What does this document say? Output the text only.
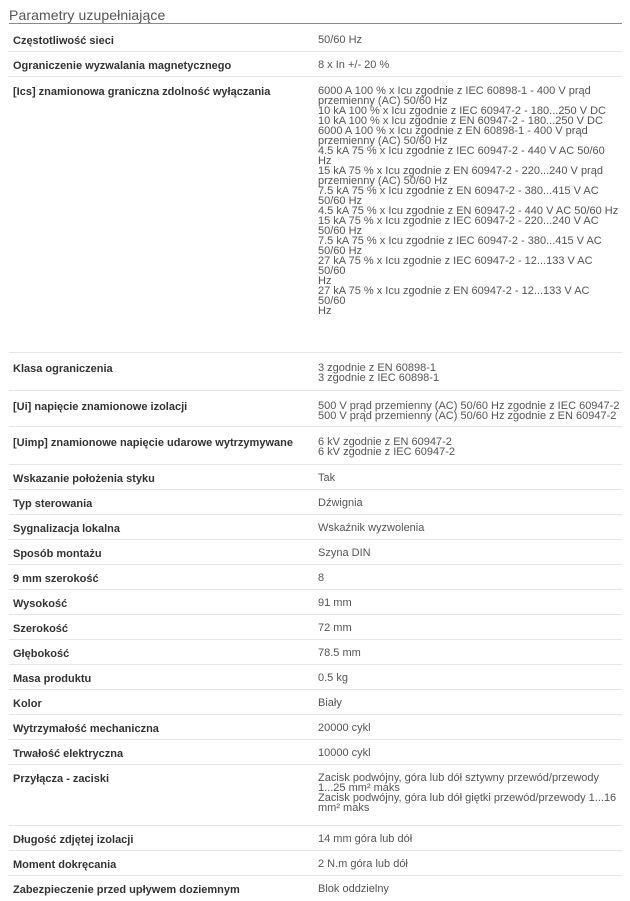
Parametry uzupełniające
Częstotliwość sieci	50/60 Hz
Ograniczenie wyzwalania magnetycznego	8 x In +/- 20 %
[Ics] znamionowa graniczna zdolność wyłączania	6000 A 100 % x Icu zgodnie z IEC 60898-1 - 400 V prąd
przemienny (AC) 50/60 Hz
10 kA 100 % x Icu zgodnie z IEC 60947-2 - 180...250 V DC
10 kA 100 % x Icu zgodnie z EN 60947-2 - 180...250 V DC
6000 A 100 % x Icu zgodnie z EN 60898-1 - 400 V prąd
przemienny (AC) 50/60 Hz
4.5 kA 75 % x Icu zgodnie z IEC 60947-2 - 440 V AC 50/60 Hz
15 kA 75 % x Icu zgodnie z EN 60947-2 - 220...240 V prąd
przemienny (AC) 50/60 Hz
7.5 kA 75 % x Icu zgodnie z EN 60947-2 - 380...415 V AC
50/60 Hz
4.5 kA 75 % x Icu zgodnie z EN 60947-2 - 440 V AC 50/60 Hz
15 kA 75 % x Icu zgodnie z IEC 60947-2 - 220...240 V AC
50/60 Hz
7.5 kA 75 % x Icu zgodnie z IEC 60947-2 - 380...415 V AC
50/60 Hz
27 kA 75 % x Icu zgodnie z IEC 60947-2 - 12...133 V AC 50/60
Hz
27 kA 75 % x Icu zgodnie z EN 60947-2 - 12...133 V AC 50/60
Hz
Klasa ograniczenia	3 zgodnie z EN 60898-1
3 zgodnie z IEC 60898-1
[Ui] napięcie znamionowe izolacji	500 V prąd przemienny (AC) 50/60 Hz zgodnie z IEC 60947-2
500 V prąd przemienny (AC) 50/60 Hz zgodnie z EN 60947-2
[Uimp] znamionowe napięcie udarowe wytrzymywane	6 kV zgodnie z EN 60947-2
6 kV zgodnie z IEC 60947-2
Wskazanie położenia styku	Tak
Typ sterowania	Dźwignia
Sygnalizacja lokalna	Wskaźnik wyzwolenia
Sposób montażu	Szyna DIN
9 mm szerokość	8
Wysokość	91 mm
Szerokość	72 mm
Głębokość	78.5 mm
Masa produktu	0.5 kg
Kolor	Biały
Wytrzymałość mechaniczna	20000 cykl
Trwałość elektryczna	10000 cykl
Przyłącza - zaciski	Zacisk podwójny, góra lub dół sztywny przewód/przewody
1...25 mm² maks
Zacisk podwójny, góra lub dół giętki przewód/przewody 1...16
mm² maks
Długość zdjętej izolacji	14 mm góra lub dół
Moment dokręcania	2 N.m góra lub dół
Zabezpieczenie przed upływem doziemnym	Blok oddzielny
